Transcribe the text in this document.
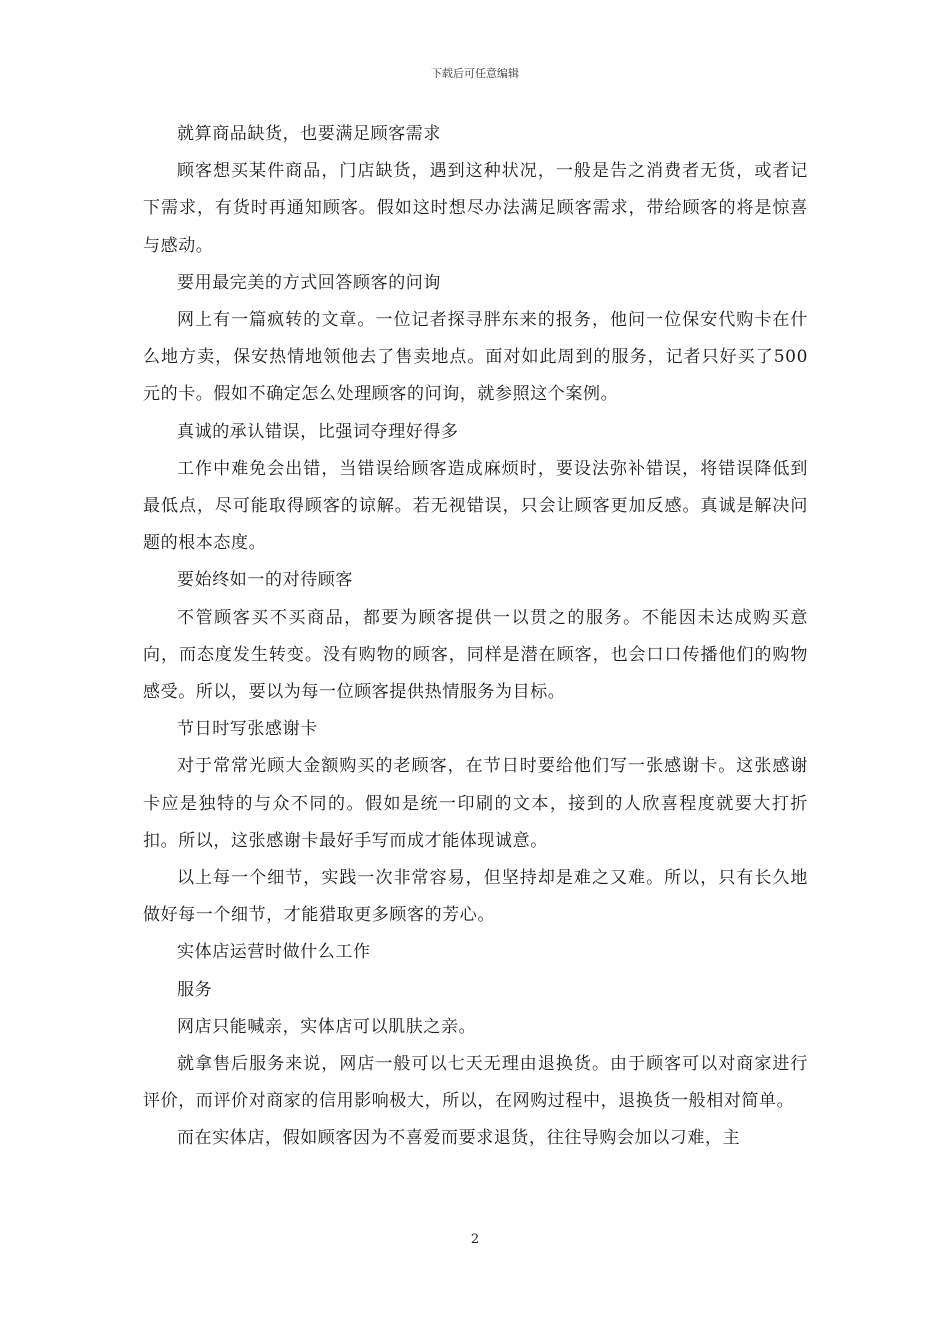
下载后可任意编辑

就算商品缺货，也要满足顾客需求

顾客想买某件商品，门店缺货，遇到这种状况，一般是告之消费者无货，或者记下需求，有货时再通知顾客。假如这时想尽办法满足顾客需求，带给顾客的将是惊喜与感动。

要用最完美的方式回答顾客的问询

网上有一篇疯转的文章。一位记者探寻胖东来的报务，他问一位保安代购卡在什么地方卖，保安热情地领他去了售卖地点。面对如此周到的服务，记者只好买了500元的卡。假如不确定怎么处理顾客的问询，就参照这个案例。

真诚的承认错误，比强词夺理好得多

工作中难免会出错，当错误给顾客造成麻烦时，要设法弥补错误，将错误降低到最低点，尽可能取得顾客的谅解。若无视错误，只会让顾客更加反感。真诚是解决问题的根本态度。

要始终如一的对待顾客

不管顾客买不买商品，都要为顾客提供一以贯之的服务。不能因未达成购买意向，而态度发生转变。没有购物的顾客，同样是潜在顾客，也会口口传播他们的购物感受。所以，要以为每一位顾客提供热情服务为目标。

节日时写张感谢卡

对于常常光顾大金额购买的老顾客，在节日时要给他们写一张感谢卡。这张感谢卡应是独特的与众不同的。假如是统一印刷的文本，接到的人欣喜程度就要大打折扣。所以，这张感谢卡最好手写而成才能体现诚意。

以上每一个细节，实践一次非常容易，但坚持却是难之又难。所以，只有长久地做好每一个细节，才能猎取更多顾客的芳心。

实体店运营时做什么工作

服务

网店只能喊亲，实体店可以肌肤之亲。

就拿售后服务来说，网店一般可以七天无理由退换货。由于顾客可以对商家进行评价，而评价对商家的信用影响极大，所以，在网购过程中，退换货一般相对简单。

而在实体店，假如顾客因为不喜爱而要求退货，往往导购会加以刁难，主

2
